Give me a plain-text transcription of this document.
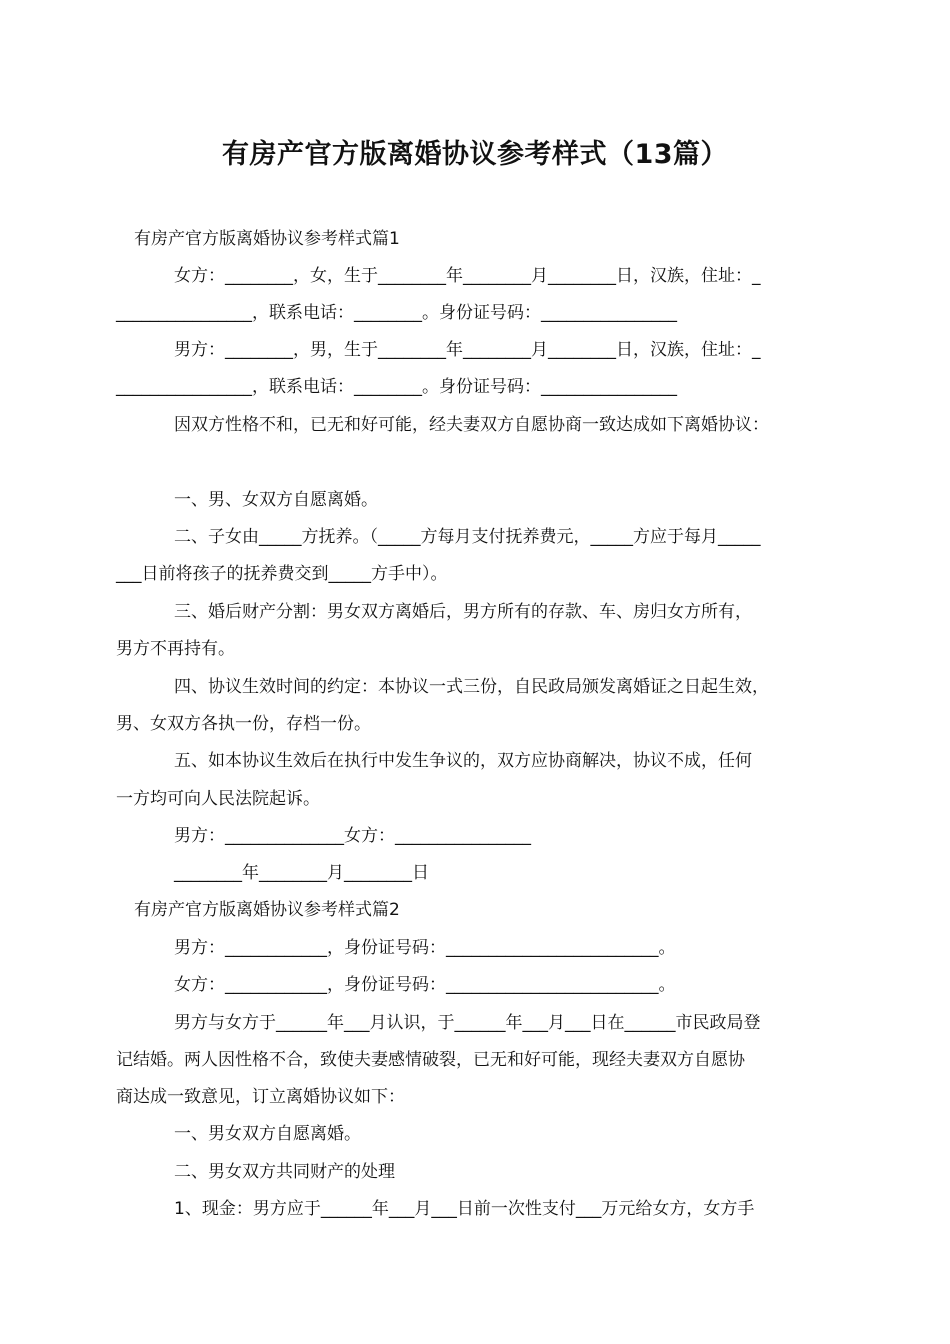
有房产官方版离婚协议参考样式（13篇）
有房产官方版离婚协议参考样式篇1
女方：________，女，生于________年________月________日，汉族，住址：_
________________，联系电话：________。身份证号码：________________
男方：________，男，生于________年________月________日，汉族，住址：_
________________，联系电话：________。身份证号码：________________
因双方性格不和，已无和好可能，经夫妻双方自愿协商一致达成如下离婚协议：
一、男、女双方自愿离婚。
二、子女由_____方抚养。（_____方每月支付抚养费元，_____方应于每月_____
___日前将孩子的抚养费交到_____方手中）。
三、婚后财产分割：男女双方离婚后，男方所有的存款、车、房归女方所有，
男方不再持有。
四、协议生效时间的约定：本协议一式三份，自民政局颁发离婚证之日起生效，
男、女双方各执一份，存档一份。
五、如本协议生效后在执行中发生争议的，双方应协商解决，协议不成，任何
一方均可向人民法院起诉。
男方：______________女方：________________
________年________月________日
有房产官方版离婚协议参考样式篇2
男方：____________，身份证号码：_________________________。
女方：____________，身份证号码：_________________________。
男方与女方于______年___月认识，于______年___月___日在______市民政局登
记结婚。两人因性格不合，致使夫妻感情破裂，已无和好可能，现经夫妻双方自愿协
商达成一致意见，订立离婚协议如下：
一、男女双方自愿离婚。
二、男女双方共同财产的处理
1、现金：男方应于______年___月___日前一次性支付___万元给女方，女方手
